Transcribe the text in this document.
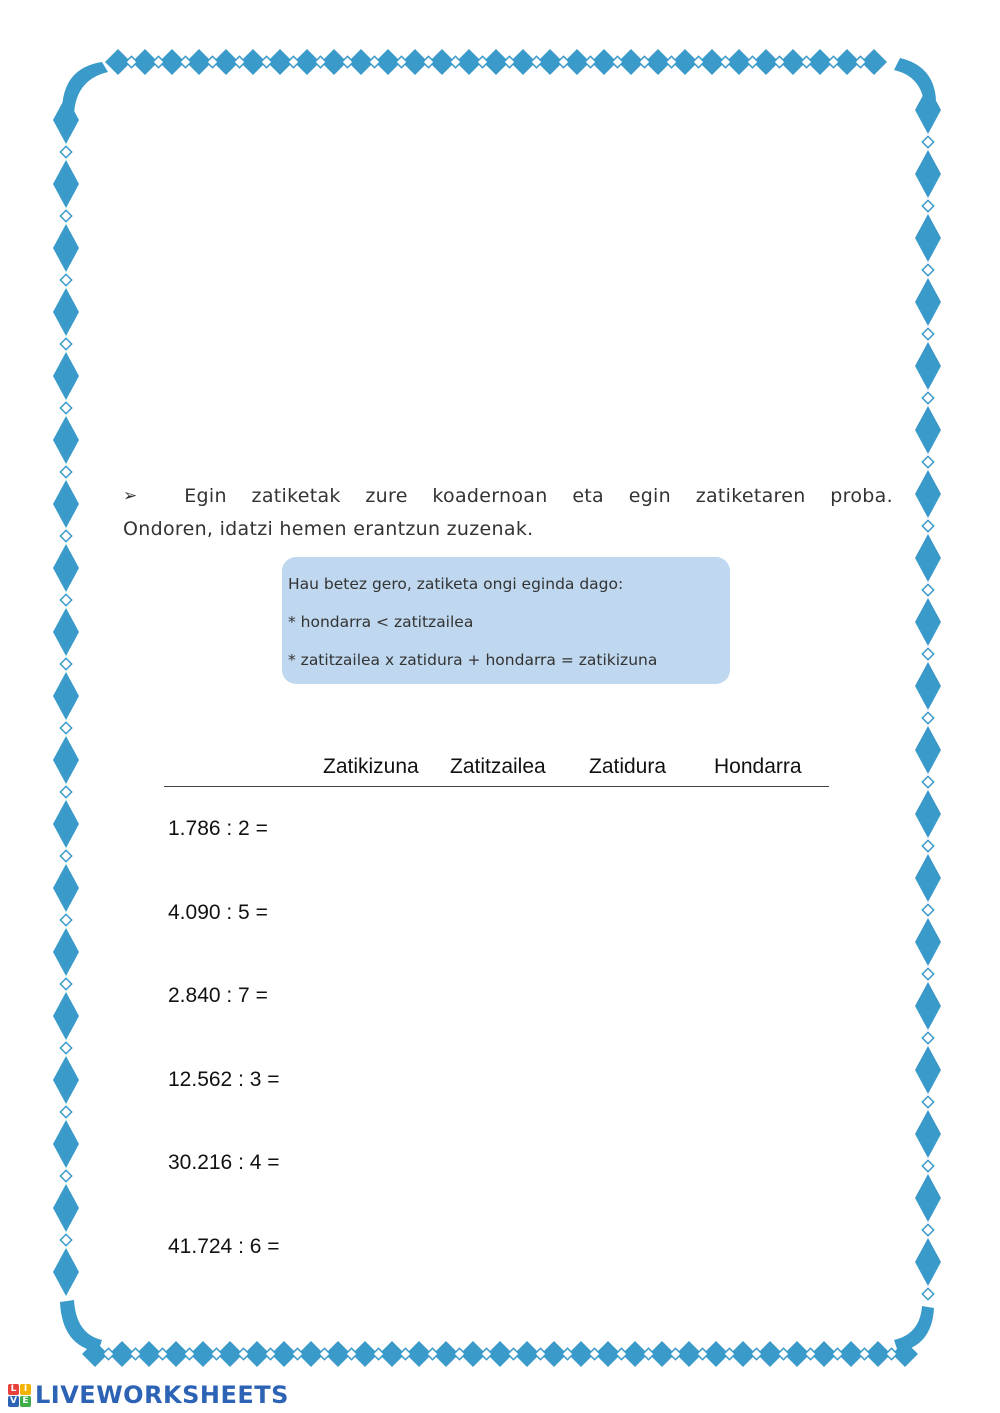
➢ Egin zatiketak zure koadernoan eta egin zatiketaren proba.
Ondoren, idatzi hemen erantzun zuzenak.
Hau betez gero, zatiketa ongi eginda dago:
* hondarra < zatitzailea
* zatitzailea x zatidura + hondarra = zatikizuna
Zatikizuna Zatitzailea Zatidura Hondarra
1.786 : 2 =
4.090 : 5 =
2.840 : 7 =
12.562 : 3 =
30.216 : 4 =
41.724 : 6 =
L I
V E LIVEWORKSHEETS
